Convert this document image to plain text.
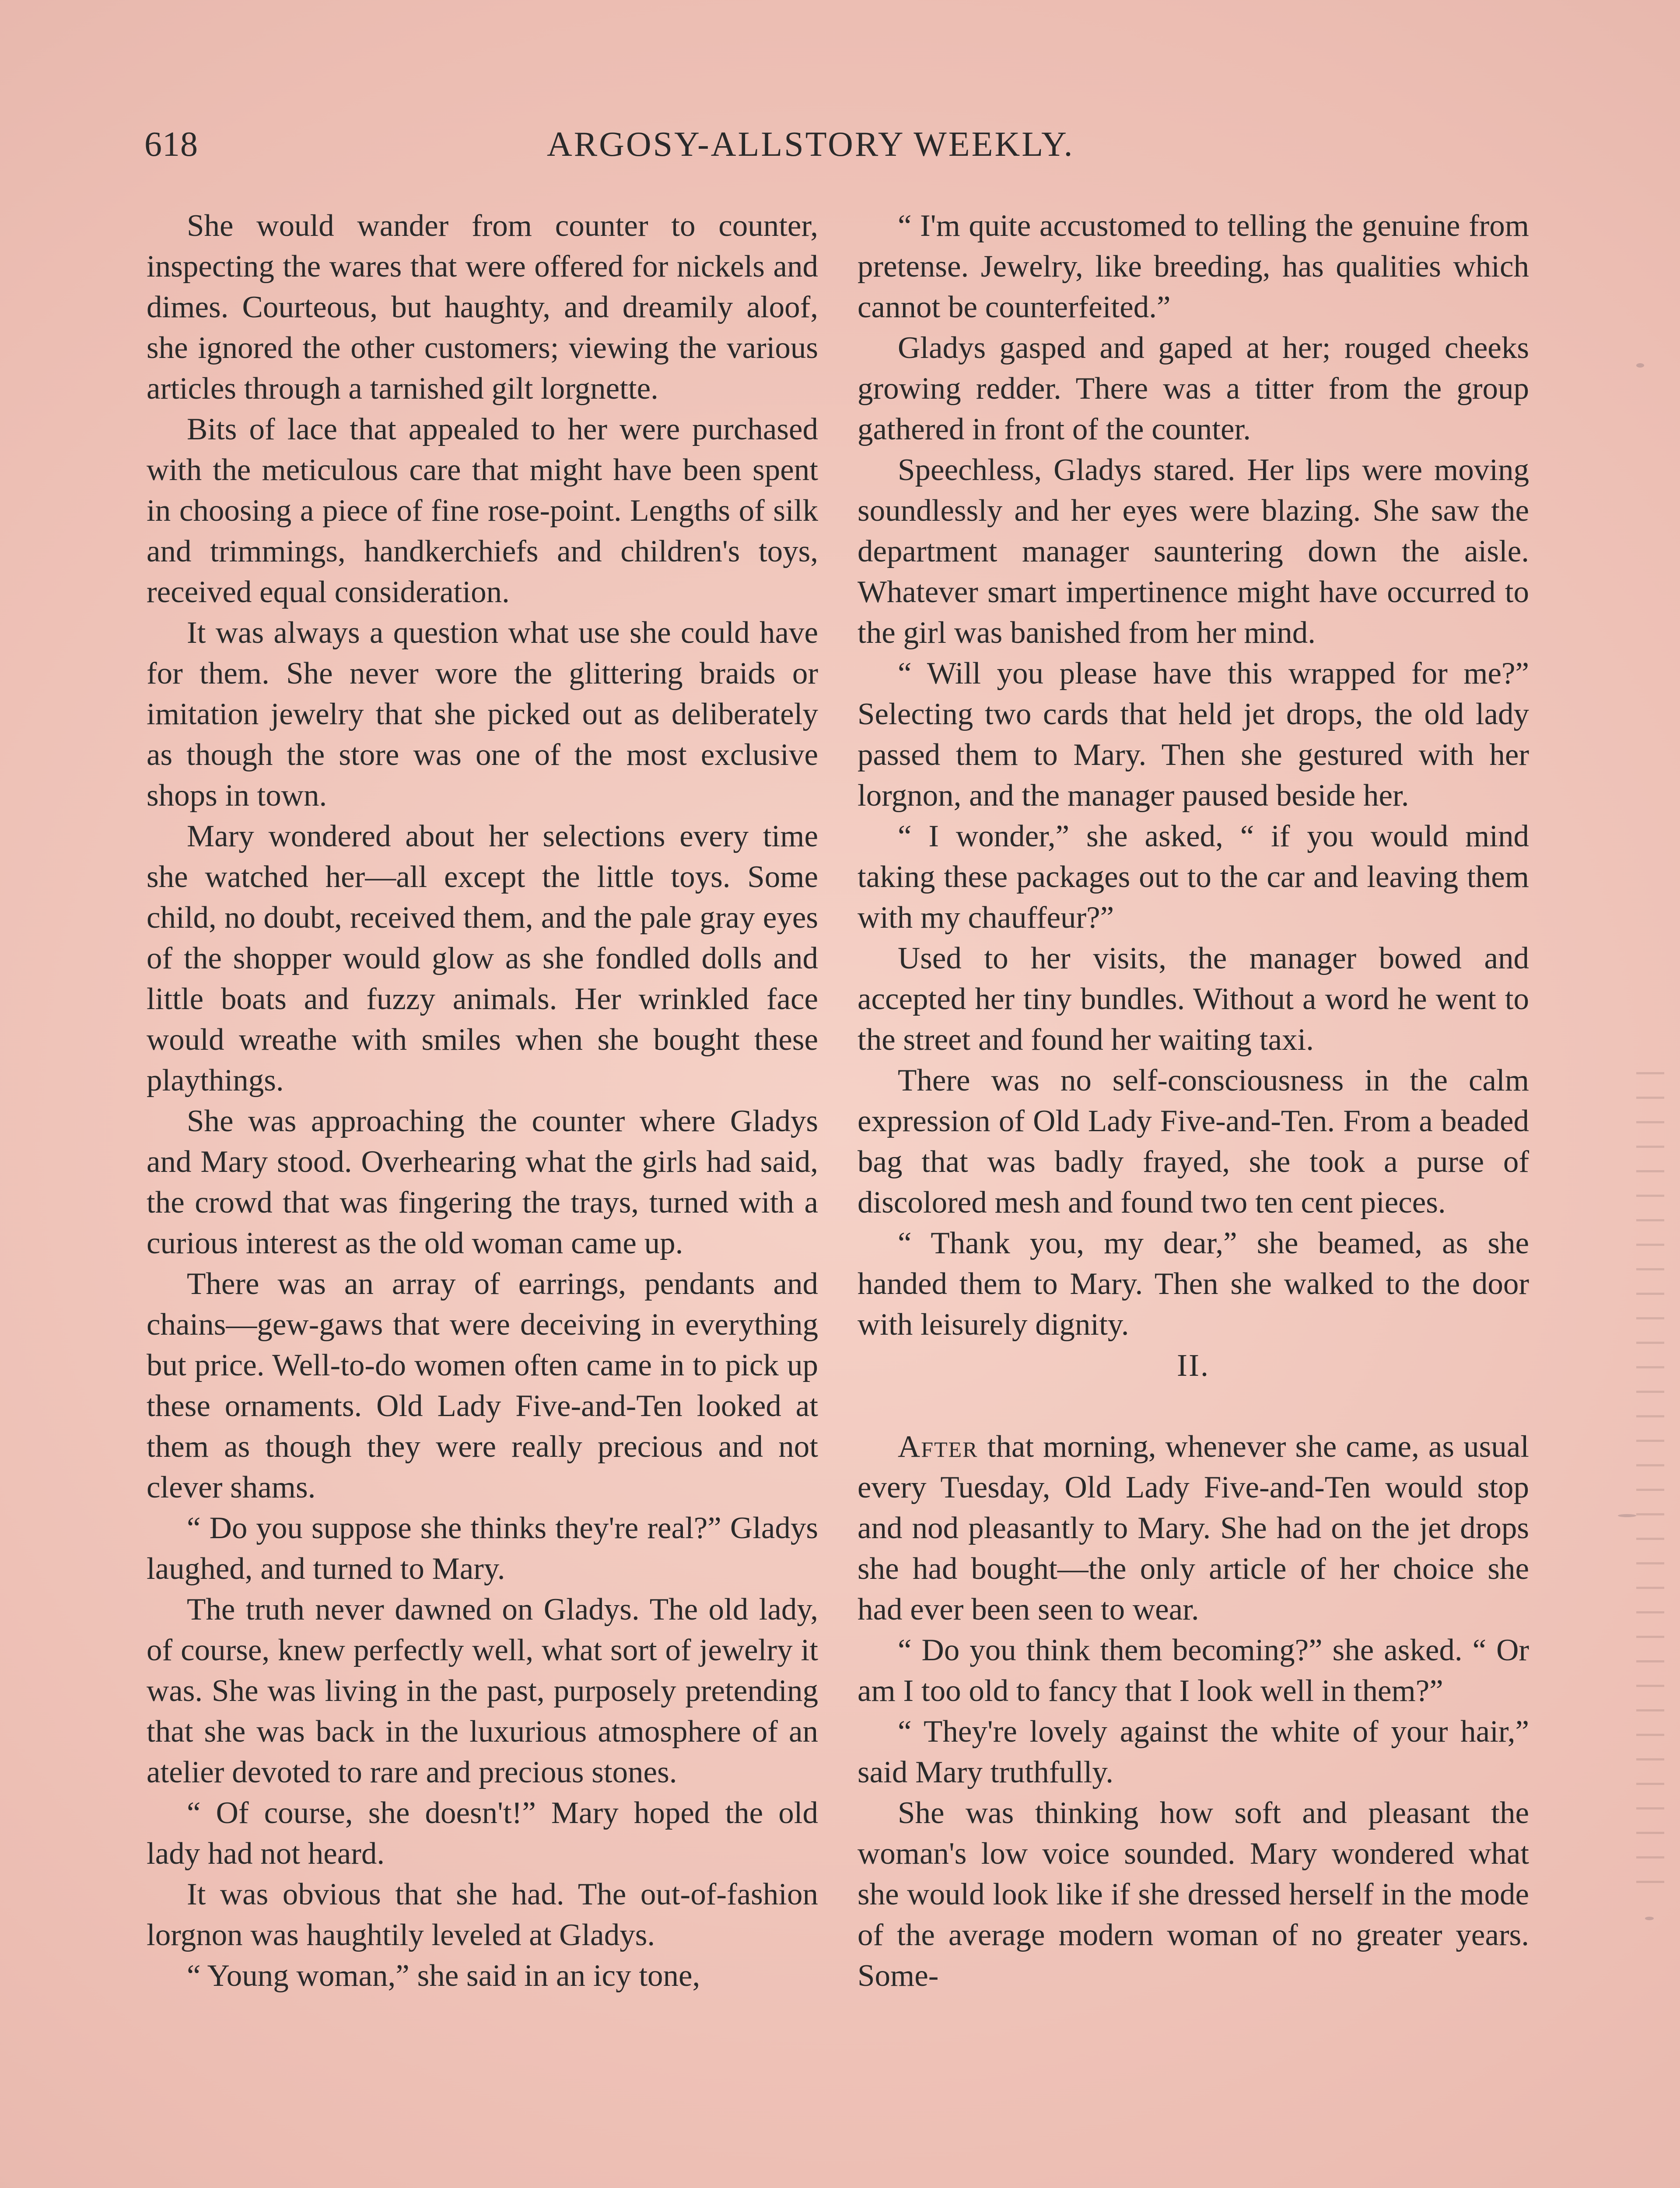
618	ARGOSY-ALLSTORY WEEKLY.

She would wander from counter to counter, inspecting the wares that were offered for nickels and dimes. Courteous, but haughty, and dreamily aloof, she ignored the other customers; viewing the various articles through a tarnished gilt lorgnette.

Bits of lace that appealed to her were purchased with the meticulous care that might have been spent in choosing a piece of fine rose-point. Lengths of silk and trimmings, handkerchiefs and children's toys, received equal consideration.

It was always a question what use she could have for them. She never wore the glittering braids or imitation jewelry that she picked out as deliberately as though the store was one of the most exclusive shops in town.

Mary wondered about her selections every time she watched her—all except the little toys. Some child, no doubt, received them, and the pale gray eyes of the shopper would glow as she fondled dolls and little boats and fuzzy animals. Her wrinkled face would wreathe with smiles when she bought these playthings.

She was approaching the counter where Gladys and Mary stood. Overhearing what the girls had said, the crowd that was fingering the trays, turned with a curious interest as the old woman came up.

There was an array of earrings, pendants and chains—gew-gaws that were deceiving in everything but price. Well-to-do women often came in to pick up these ornaments. Old Lady Five-and-Ten looked at them as though they were really precious and not clever shams.

“ Do you suppose she thinks they're real?” Gladys laughed, and turned to Mary.

The truth never dawned on Gladys. The old lady, of course, knew perfectly well, what sort of jewelry it was. She was living in the past, purposely pretending that she was back in the luxurious atmosphere of an atelier devoted to rare and precious stones.

“ Of course, she doesn't!” Mary hoped the old lady had not heard.

It was obvious that she had. The out-of-fashion lorgnon was haughtily leveled at Gladys.

“ Young woman,” she said in an icy tone,

“ I'm quite accustomed to telling the genuine from pretense. Jewelry, like breeding, has qualities which cannot be counterfeited.”

Gladys gasped and gaped at her; rouged cheeks growing redder. There was a titter from the group gathered in front of the counter.

Speechless, Gladys stared. Her lips were moving soundlessly and her eyes were blazing. She saw the department manager sauntering down the aisle. Whatever smart impertinence might have occurred to the girl was banished from her mind.

“ Will you please have this wrapped for me?” Selecting two cards that held jet drops, the old lady passed them to Mary. Then she gestured with her lorgnon, and the manager paused beside her.

“ I wonder,” she asked, “ if you would mind taking these packages out to the car and leaving them with my chauffeur?”

Used to her visits, the manager bowed and accepted her tiny bundles. Without a word he went to the street and found her waiting taxi.

There was no self-consciousness in the calm expression of Old Lady Five-and-Ten. From a beaded bag that was badly frayed, she took a purse of discolored mesh and found two ten cent pieces.

“ Thank you, my dear,” she beamed, as she handed them to Mary. Then she walked to the door with leisurely dignity.

II.

After that morning, whenever she came, as usual every Tuesday, Old Lady Five-and-Ten would stop and nod pleasantly to Mary. She had on the jet drops she had bought—the only article of her choice she had ever been seen to wear.

“ Do you think them becoming?” she asked. “ Or am I too old to fancy that I look well in them?”

“ They're lovely against the white of your hair,” said Mary truthfully.

She was thinking how soft and pleasant the woman's low voice sounded. Mary wondered what she would look like if she dressed herself in the mode of the average modern woman of no greater years. Some-
